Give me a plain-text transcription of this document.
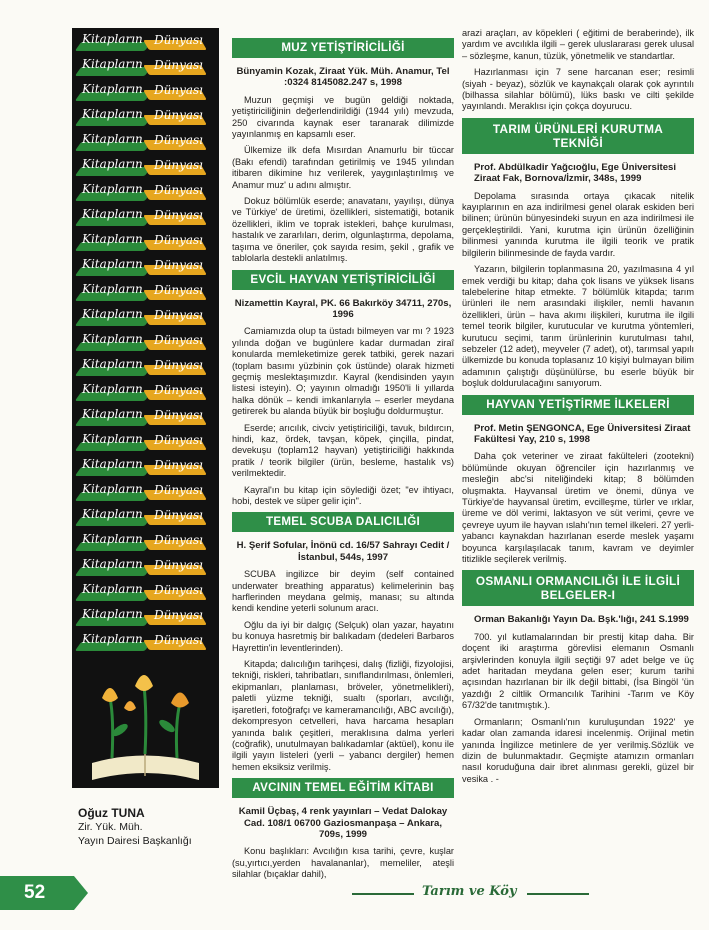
Kitapların Dünyası
Kitapların Dünyası
Kitapların Dünyası
Kitapların Dünyası
Kitapların Dünyası
Kitapların Dünyası
Kitapların Dünyası
Kitapların Dünyası
Kitapların Dünyası
Kitapların Dünyası
Kitapların Dünyası
Kitapların Dünyası
Kitapların Dünyası
Kitapların Dünyası
Kitapların Dünyası
Kitapların Dünyası
Kitapların Dünyası
Kitapların Dünyası
Kitapların Dünyası
Kitapların Dünyası
Kitapların Dünyası
Kitapların Dünyası
Kitapların Dünyası
Kitapların Dünyası
Kitapların Dünyası
Oğuz TUNA
Zir. Yük. Müh.
Yayın Dairesi Başkanlığı
52	Tarım ve Köy
MUZ YETİŞTİRİCİLİĞİ
Bünyamin Kozak, Ziraat Yük. Müh. Anamur, Tel :0324 8145082.247 s, 1998
Muzun geçmişi ve bugün geldiği noktada, yetiştiriciliğinin değerlendirildiği (1944 yılı) mevzuda, 250 civarında kaynak eser taranarak dilimizde yayınlanmış en kapsamlı eser.
Ülkemize ilk defa Mısırdan Anamurlu bir tüccar (Bakı efendi) tarafından getirilmiş ve 1945 yılından itibaren dikimine hız verilerek, yaygınlaştırılmış ve Anamur muz' u adını almıştır.
Dokuz bölümlük eserde; anavatanı, yayılışı, dünya ve Türkiye' de üretimi, özellikleri, sistematiği, botanik özellikleri, iklim ve toprak istekleri, bahçe kurulması, hastalık ve zararlıları, derim, olgunlaştırma, depolama, taşıma ve öneriler, çok sayıda resim, şekil , grafik ve tablolarla destekli anlatılmış.
EVCİL HAYVAN YETİŞTİRİCİLİĞİ
Nizamettin Kayral, PK. 66 Bakırköy 34711, 270s, 1996
Camiamızda olup ta üstadı bilmeyen var mı ? 1923 yılında doğan ve bugünlere kadar durmadan ziraî konularda memleketimize gerek tatbiki, gerek nazari (toplam basımı yüzbinin çok üstünde) olarak hizmeti geçmiş meslektaşımızdır. Kayral (kendisinden yayın listesi isteyin). O; yayının olmadığı 1950'li li yıllarda halka dönük – kendi imkanlarıyla – eserler meydana getirerek bu alanda büyük bir boşluğu doldurmuştur.
Eserde; arıcılık, civciv yetiştiriciliği, tavuk, bıldırcın, hindi, kaz, ördek, tavşan, köpek, çinçilla, pindat, devekuşu (toplam12 hayvan) yetiştiriciliği hakkında pratik / teorik bilgiler (ürün, besleme, hastalık vs) verilmektedir.
Kayral'ın bu kitap için söylediği özet; "ev ihtiyacı, hobi, destek ve süper gelir için".
TEMEL SCUBA DALICILIĞI
H. Şerif Sofular, İnönü cd. 16/57 Sahrayı Cedit / İstanbul, 544s, 1997
SCUBA ingilizce bir deyim (self contained underwater breathing apparatus) kelimelerinin baş harflerinden meydana gelmiş, manası; su altında kendi kendine yeterli solunum aracı.
Oğlu da iyi bir dalgıç (Selçuk) olan yazar, hayatını bu konuya hasretmiş bir balıkadam (dedeleri Barbaros Hayrettin'in leventlerinden).
Kitapda; dalıcılığın tarihçesi, dalış (fizliği, fizyolojisi, tekniği, riskleri, tahribatları, sınıflandırılması, önlemleri, ekipmanları, planlaması, bröveler, yönetmelikleri), paletli yüzme tekniği, sualtı (sporları, avcılığı, işaretleri, fotoğrafçı ve kameramancılığı, ABC avcılığı), dekompresyon cetvelleri, hava harcama hesapları yanında balık çeşitleri, meraklısına dalma yerleri (coğrafik), unutulmayan balıkadamlar (aktüel), konu ile ilgili yayın listeleri (yerli – yabancı dergiler) hemen hemen eksiksiz verilmiş.
AVCININ TEMEL EĞİTİM KİTABI
Kamil Üçbaş, 4 renk yayınları – Vedat Dalokay Cad. 108/1 06700 Gaziosmanpaşa – Ankara, 709s, 1999
Konu başlıkları: Avcılığın kısa tarihi, çevre, kuşlar (su,yırtıcı,yerden havalananlar), memeliler, ateşli silahlar (bıçaklar dahil),
arazi araçları, av köpekleri ( eğitimi de beraberinde), ilk yardım ve avcılıkla ilgili – gerek uluslararası gerek ulusal – sözleşme, kanun, tüzük, yönetmelik ve standartlar.
Hazırlanması için 7 sene harcanan eser; resimli (siyah - beyaz), sözlük ve kaynakçalı olarak çok ayrıntılı (bilhassa silahlar bölümü), lüks baskı ve cilti şekilde yayınlandı. Meraklısı için çokça doyurucu.
TARIM ÜRÜNLERİ KURUTMA TEKNİĞİ
Prof. Abdülkadir Yağcıoğlu, Ege Üniversitesi Ziraat Fak, Bornova/İzmir, 348s, 1999
Depolama sırasında ortaya çıkacak nitelik kayıplarının en aza indirilmesi genel olarak eskiden beri bilinen; ürünün bünyesindeki suyun en aza indirilmesi ile gerçekleştirildi. Yani, kurutma için ürünün özelliğinin bilinmesi yanında kurutma ile ilgili teorik ve pratik bilgilerin bilinmesinde de fayda vardır.
Yazarın, bilgilerin toplanmasına 20, yazılmasına 4 yıl emek verdiği bu kitap; daha çok lisans ve yüksek lisans talebelerine hitap etmekte. 7 bölümlük kitapda; tarım ürünleri ile nem arasındaki ilişkiler, nemli havanın özellikleri, ürün – hava akımı ilişkileri, kurutma ile ilgili temel teorik bilgiler, kurutucular ve kurutma yöntemleri, kurutucu seçimi, tarım ürünlerinin kurutulması tahıl, sebzeler (12 adet), meyveler (7 adet), ot), tarımsal yapılı ülkemizde bu konuda toplasanız 10 kişiyi bulmayan bilim adamının çalıştığı düşünülürse, bu eserle büyük bir boşluk doldurulacağını sanıyorum.
HAYVAN YETİŞTİRME İLKELERİ
Prof. Metin ŞENGONCA, Ege Üniversitesi Ziraat Fakültesi Yay, 210 s, 1998
Daha çok veteriner ve ziraat fakülteleri (zootekni) bölümünde okuyan öğrenciler için hazırlanmış ve mesleğin abc'si niteliğindeki kitap; 8 bölümden oluşmakta. Hayvansal üretim ve önemi, dünya ve Türkiye'de hayvansal üretim, evcilleşme, türler ve ırklar, üreme ve döl verimi, laktasyon ve süt verimi, çevre ve çevreye uyum ile hayvan ıslahı'nın temel ilkeleri. 27 yerli-yabancı kaynakdan hazırlanan eserde meslek yaşamı boyunca karşılaşılacak tanım, kavram ve deyimler titizlikle seçilerek verilmiş.
OSMANLI ORMANCILIĞI İLE İLGİLİ BELGELER-I
Orman Bakanlığı Yayın Da. Bşk.'lığı, 241 S.1999
700. yıl kutlamalarından bir prestij kitap daha. Bir doçent iki araştırma görevlisi elemanın Osmanlı arşivlerinden konuyla ilgili seçtiği 97 adet belge ve üç adet haritadan meydana gelen eser; kurum tarihi açısından hazırlanan bir ilk değil bittabi, (İsa Bingöl 'ün yazdığı 2 ciltlik Ormancılık Tarihini -Tarım ve Köy 67/32'de tanıtmıştık.).
Ormanların; Osmanlı'nın kuruluşundan 1922' ye kadar olan zamanda idaresi incelenmiş. Orijinal metin yanında İngilizce metinlere de yer verilmiş.Sözlük ve dizin de bulunmaktadır. Geçmişte atamızın ormanları nasıl koruduğuna dair ibret alınması gerekli, güzel bir vesika . -
